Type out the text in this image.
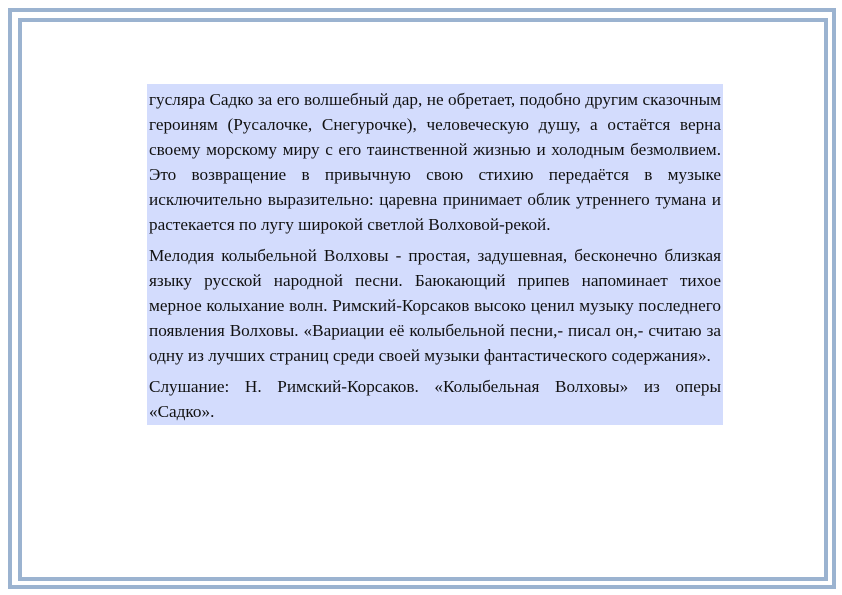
гусляра Садко за его волшебный дар, не обретает, подобно другим сказочным героиням (Русалочке, Снегурочке), человеческую душу, а остаётся верна своему морскому миру с его таинственной жизнью и холодным безмолвием. Это возвращение в привычную свою стихию передаётся в музыке исключительно выразительно: царевна принимает облик утреннего тумана и растекается по лугу широкой светлой Волховой-рекой.

Мелодия колыбельной Волховы - простая, задушевная, бесконечно близкая языку русской народной песни. Баюкающий припев напоминает тихое мерное колыхание волн. Римский-Корсаков высоко ценил музыку последнего появления Волховы. «Вариации её колыбельной песни,- писал он,- считаю за одну из лучших страниц среди своей музыки фантастического содержания».

Слушание: Н. Римский-Корсаков. «Колыбельная Волховы» из оперы «Садко».
